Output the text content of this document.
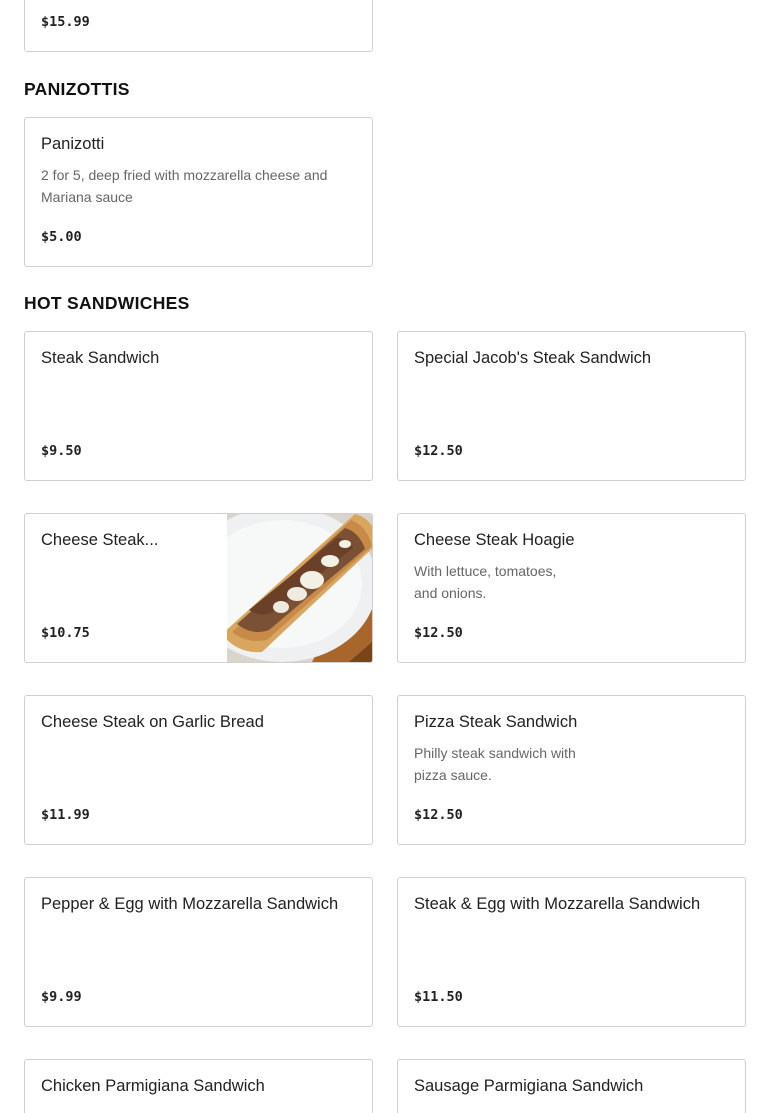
$15.99
PANIZOTTIS
Panizotti
2 for 5, deep fried with mozzarella cheese and
Mariana sauce
$5.00
HOT SANDWICHES
Steak Sandwich
$9.50
Special Jacob's Steak Sandwich
$12.50
Cheese Steak...
$10.75
Cheese Steak Hoagie
With lettuce, tomatoes,
and onions.
$12.50
Cheese Steak on Garlic Bread
$11.99
Pizza Steak Sandwich
Philly steak sandwich with
pizza sauce.
$12.50
Pepper & Egg with Mozzarella Sandwich
$9.99
Steak & Egg with Mozzarella Sandwich
$11.50
Chicken Parmigiana Sandwich	Sausage Parmigiana Sandwich
